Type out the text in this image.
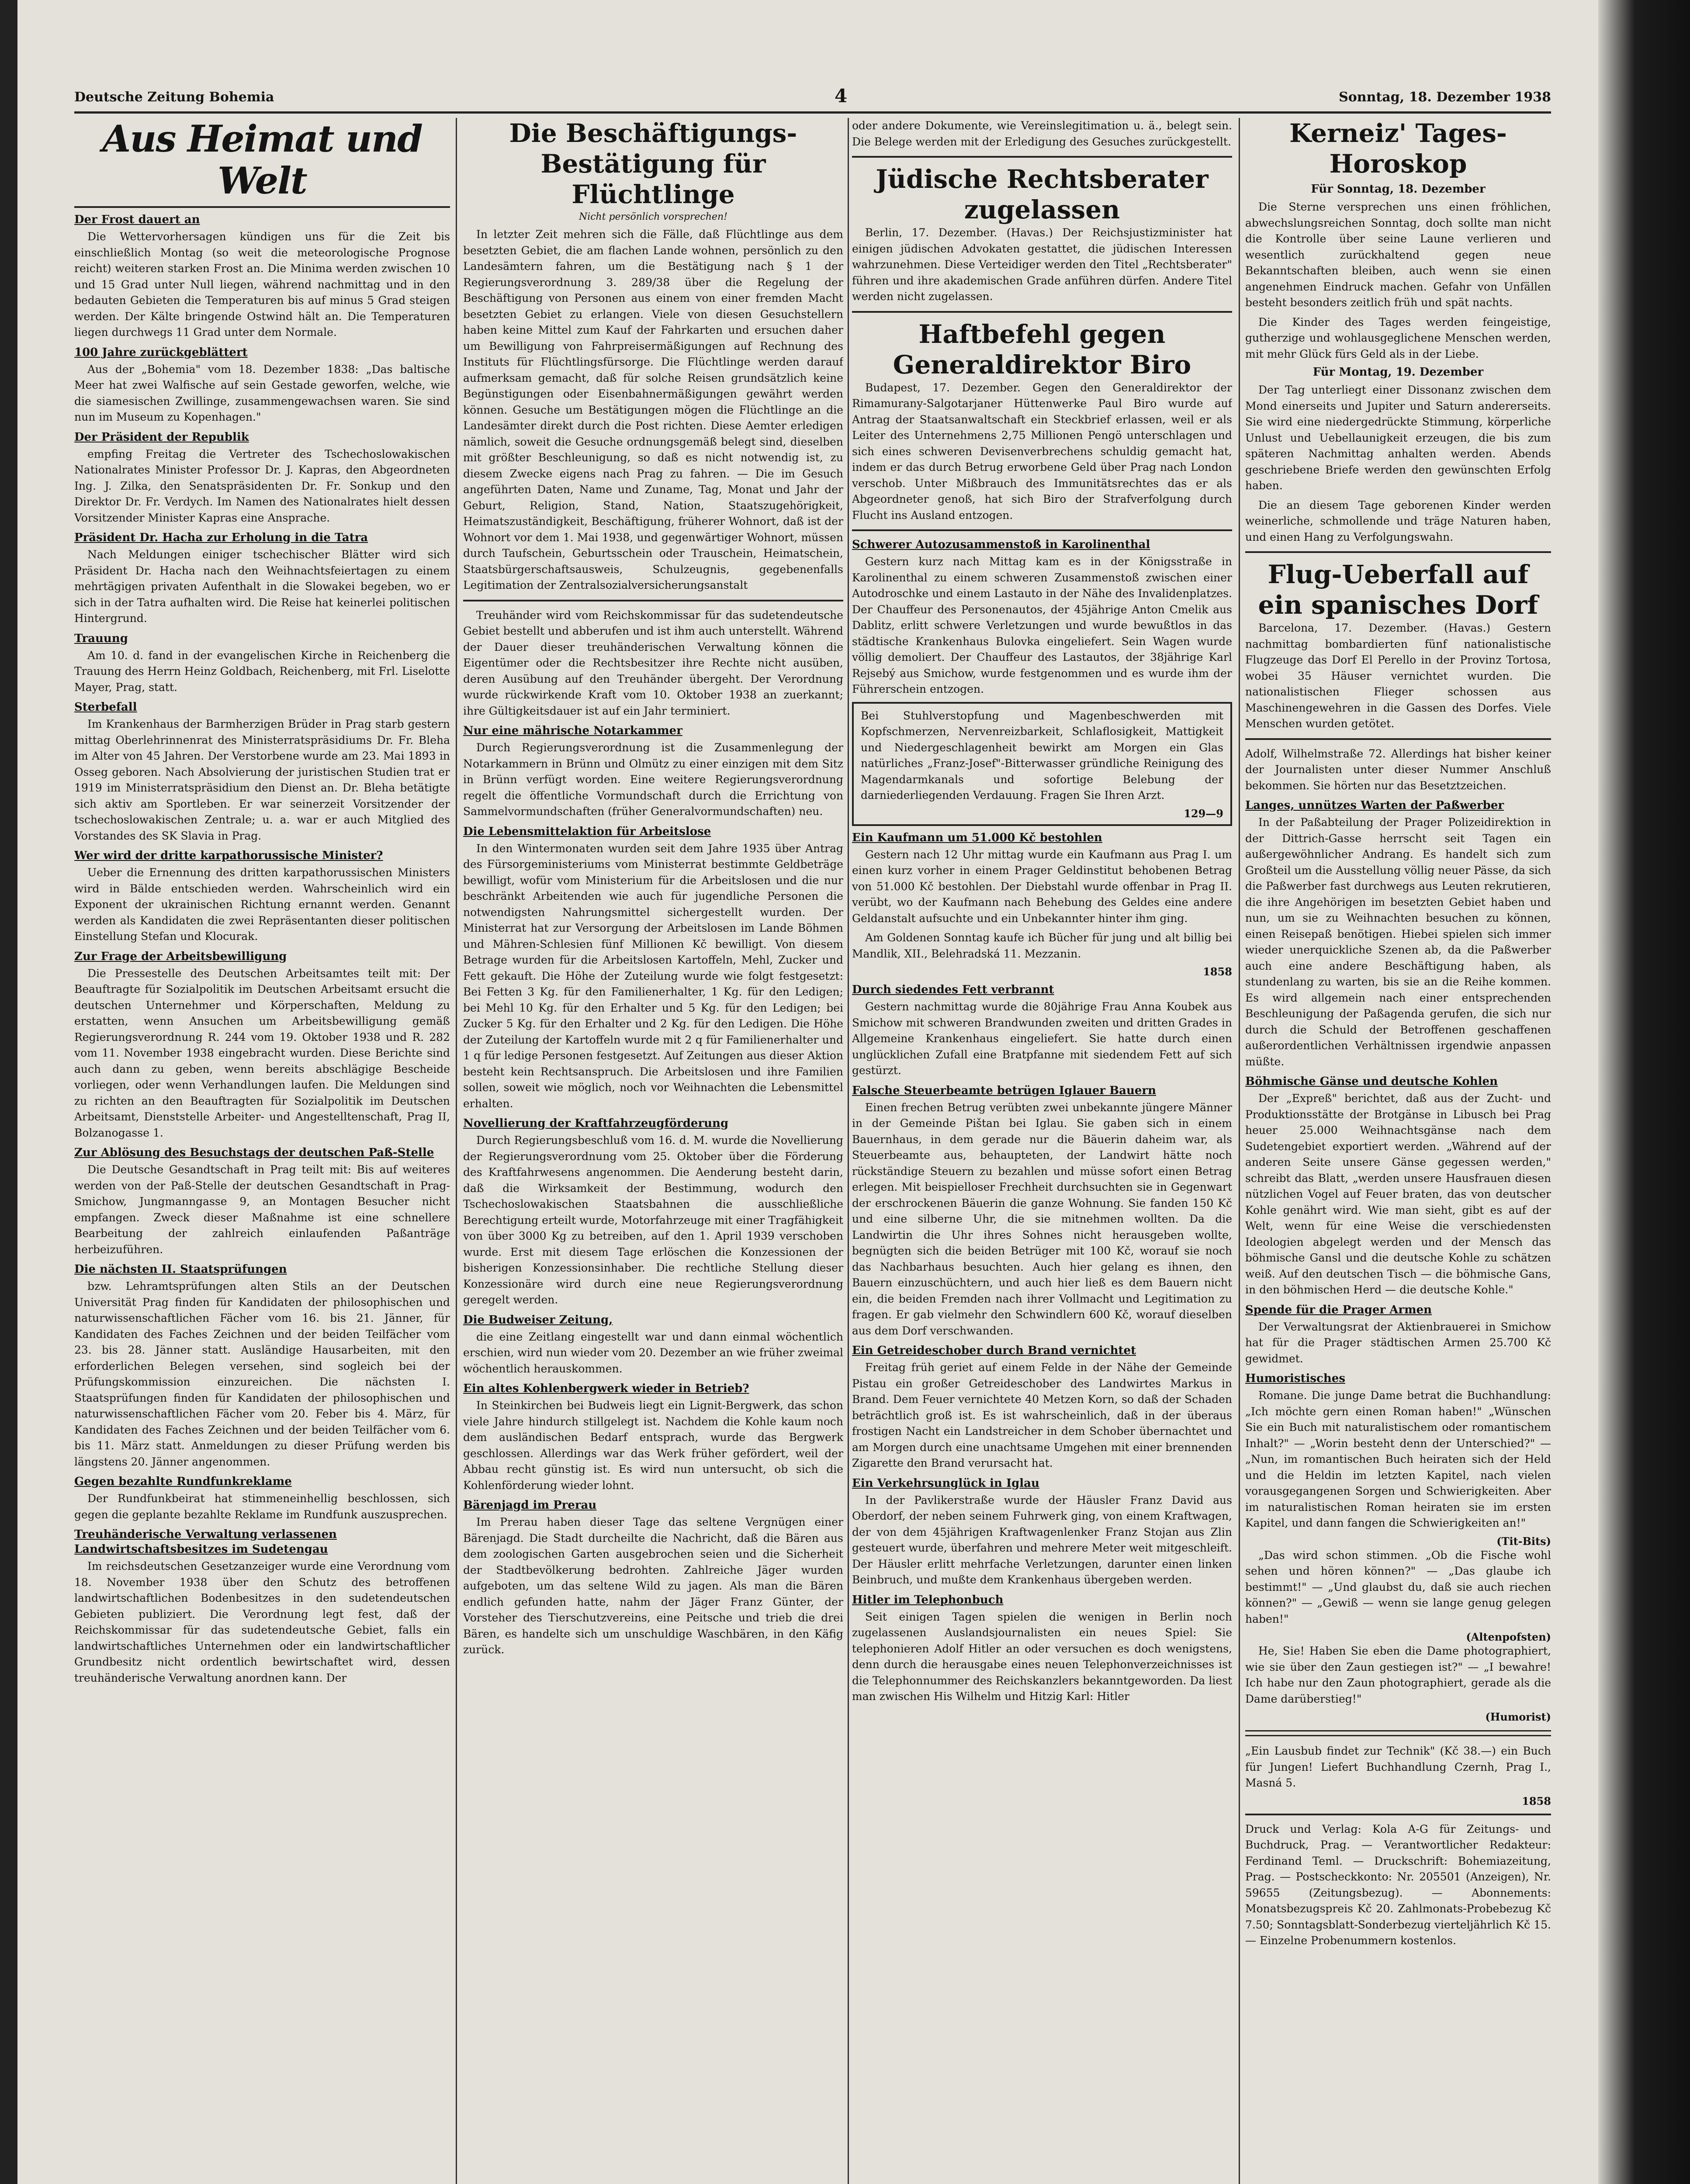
Deutsche Zeitung Bohemia	4	Sonntag, 18. Dezember 1938
Aus Heimat und Welt
Der Frost dauert an

Die Wettervorhersagen kündigen uns für die Zeit bis einschließlich Montag (so weit die meteorologische Prognose reicht) weiteren starken Frost an. Die Minima werden zwischen 10 und 15 Grad unter Null liegen, während nachmittag und in den bedauten Gebieten die Temperaturen bis auf minus 5 Grad steigen werden. Der Kälte bringende Ostwind hält an. Die Temperaturen liegen durchwegs 11 Grad unter dem Normale.

100 Jahre zurückgeblättert

Aus der „Bohemia" vom 18. Dezember 1838: „Das baltische Meer hat zwei Walfische auf sein Gestade geworfen, welche, wie die siamesischen Zwillinge, zusammengewachsen waren. Sie sind nun im Museum zu Kopenhagen."

Der Präsident der Republik

empfing Freitag die Vertreter des Tschechoslowakischen Nationalrates Minister Professor Dr. J. Kapras, den Abgeordneten Ing. J. Zilka, den Senatspräsidenten Dr. Fr. Sonkup und den Direktor Dr. Fr. Verdych. Im Namen des Nationalrates hielt dessen Vorsitzender Minister Kapras eine Ansprache.

Präsident Dr. Hacha zur Erholung in die Tatra

Nach Meldungen einiger tschechischer Blätter wird sich Präsident Dr. Hacha nach den Weihnachtsfeiertagen zu einem mehrtägigen privaten Aufenthalt in die Slowakei begeben, wo er sich in der Tatra aufhalten wird. Die Reise hat keinerlei politischen Hintergrund.

Trauung

Am 10. d. fand in der evangelischen Kirche in Reichenberg die Trauung des Herrn Heinz Goldbach, Reichenberg, mit Frl. Liselotte Mayer, Prag, statt.

Sterbefall

Im Krankenhaus der Barmherzigen Brüder in Prag starb gestern mittag Oberlehrinnenrat des Ministerratspräsidiums Dr. Fr. Bleha im Alter von 45 Jahren. Der Verstorbene wurde am 23. Mai 1893 in Osseg geboren. Nach Absolvierung der juristischen Studien trat er 1919 im Ministerratspräsidium den Dienst an. Dr. Bleha betätigte sich aktiv am Sportleben. Er war seinerzeit Vorsitzender der tschechoslowakischen Zentrale; u. a. war er auch Mitglied des Vorstandes des SK Slavia in Prag.

Wer wird der dritte karpathorussische Minister?

Ueber die Ernennung des dritten karpathorussischen Ministers wird in Bälde entschieden werden. Wahrscheinlich wird ein Exponent der ukrainischen Richtung ernannt werden. Genannt werden als Kandidaten die zwei Repräsentanten dieser politischen Einstellung Stefan und Klocurak.

Zur Frage der Arbeitsbewilligung

Die Pressestelle des Deutschen Arbeitsamtes teilt mit: Der Beauftragte für Sozialpolitik im Deutschen Arbeitsamt ersucht die deutschen Unternehmer und Körperschaften, Meldung zu erstatten, wenn Ansuchen um Arbeitsbewilligung gemäß Regierungsverordnung R. 244 vom 19. Oktober 1938 und R. 282 vom 11. November 1938 eingebracht wurden. Diese Berichte sind auch dann zu geben, wenn bereits abschlägige Bescheide vorliegen, oder wenn Verhandlungen laufen. Die Meldungen sind zu richten an den Beauftragten für Sozialpolitik im Deutschen Arbeitsamt, Dienststelle Arbeiter- und Angestelltenschaft, Prag II, Bolzanogasse 1.

Zur Ablösung des Besuchstags der deutschen Paß-Stelle

Die Deutsche Gesandtschaft in Prag teilt mit: Bis auf weiteres werden von der Paß-Stelle der deutschen Gesandtschaft in Prag-Smichow, Jungmanngasse 9, an Montagen Besucher nicht empfangen. Zweck dieser Maßnahme ist eine schnellere Bearbeitung der zahlreich einlaufenden Paßanträge herbeizuführen.

Die nächsten II. Staatsprüfungen

bzw. Lehramtsprüfungen alten Stils an der Deutschen Universität Prag finden für Kandidaten der philosophischen und naturwissenschaftlichen Fächer vom 16. bis 21. Jänner, für Kandidaten des Faches Zeichnen und der beiden Teilfächer vom 23. bis 28. Jänner statt. Ausländige Hausarbeiten, mit den erforderlichen Belegen versehen, sind sogleich bei der Prüfungskommission einzureichen. Die nächsten I. Staatsprüfungen finden für Kandidaten der philosophischen und naturwissenschaftlichen Fächer vom 20. Feber bis 4. März, für Kandidaten des Faches Zeichnen und der beiden Teilfächer vom 6. bis 11. März statt. Anmeldungen zu dieser Prüfung werden bis längstens 20. Jänner angenommen.

Gegen bezahlte Rundfunkreklame

Der Rundfunkbeirat hat stimmeneinhellig beschlossen, sich gegen die geplante bezahlte Reklame im Rundfunk auszusprechen.

Treuhänderische Verwaltung verlassenen Landwirtschaftsbesitzes im Sudetengau

Im reichsdeutschen Gesetzanzeiger wurde eine Verordnung vom 18. November 1938 über den Schutz des betroffenen landwirtschaftlichen Bodenbesitzes in den sudetendeutschen Gebieten publiziert. Die Verordnung legt fest, daß der Reichskommissar für das sudetendeutsche Gebiet, falls ein landwirtschaftliches Unternehmen oder ein landwirtschaftlicher Grundbesitz nicht ordentlich bewirtschaftet wird, dessen treuhänderische Verwaltung anordnen kann. Der

Die Beschäftigungs-Bestätigung für Flüchtlinge
Nicht persönlich vorsprechen!

In letzter Zeit mehren sich die Fälle, daß Flüchtlinge aus dem besetzten Gebiet, die am flachen Lande wohnen, persönlich zu den Landesämtern fahren, um die Bestätigung nach § 1 der Regierungsverordnung 3. 289/38 über die Regelung der Beschäftigung von Personen aus einem von einer fremden Macht besetzten Gebiet zu erlangen. Viele von diesen Gesuchstellern haben keine Mittel zum Kauf der Fahrkarten und ersuchen daher um Bewilligung von Fahrpreisermäßigungen auf Rechnung des Instituts für Flüchtlingsfürsorge. Die Flüchtlinge werden darauf aufmerksam gemacht, daß für solche Reisen grundsätzlich keine Begünstigungen oder Eisenbahnermäßigungen gewährt werden können. Gesuche um Bestätigungen mögen die Flüchtlinge an die Landesämter direkt durch die Post richten. Diese Aemter erledigen nämlich, soweit die Gesuche ordnungsgemäß belegt sind, dieselben mit größter Beschleunigung, so daß es nicht notwendig ist, zu diesem Zwecke eigens nach Prag zu fahren. — Die im Gesuch angeführten Daten, Name und Zuname, Tag, Monat und Jahr der Geburt, Religion, Stand, Nation, Staatszugehörigkeit, Heimatszuständigkeit, Beschäftigung, früherer Wohnort, daß ist der Wohnort vor dem 1. Mai 1938, und gegenwärtiger Wohnort, müssen durch Taufschein, Geburtsschein oder Trauschein, Heimatschein, Staatsbürgerschaftsausweis, Schulzeugnis, gegebenenfalls Legitimation der Zentralsozialversicherungsanstalt

Treuhänder wird vom Reichskommissar für das sudetendeutsche Gebiet bestellt und abberufen und ist ihm auch unterstellt. Während der Dauer dieser treuhänderischen Verwaltung können die Eigentümer oder die Rechtsbesitzer ihre Rechte nicht ausüben, deren Ausübung auf den Treuhänder übergeht. Der Verordnung wurde rückwirkende Kraft vom 10. Oktober 1938 an zuerkannt; ihre Gültigkeitsdauer ist auf ein Jahr terminiert.

Nur eine mährische Notarkammer

Durch Regierungsverordnung ist die Zusammenlegung der Notarkammern in Brünn und Olmütz zu einer einzigen mit dem Sitz in Brünn verfügt worden. Eine weitere Regierungsverordnung regelt die öffentliche Vormundschaft durch die Errichtung von Sammelvormundschaften (früher Generalvormundschaften) neu.

Die Lebensmittelaktion für Arbeitslose

In den Wintermonaten wurden seit dem Jahre 1935 über Antrag des Fürsorgeministeriums vom Ministerrat bestimmte Geldbeträge bewilligt, wofür vom Ministerium für die Arbeitslosen und die nur beschränkt Arbeitenden wie auch für jugendliche Personen die notwendigsten Nahrungsmittel sichergestellt wurden. Der Ministerrat hat zur Versorgung der Arbeitslosen im Lande Böhmen und Mähren-Schlesien fünf Millionen Kč bewilligt. Von diesem Betrage wurden für die Arbeitslosen Kartoffeln, Mehl, Zucker und Fett gekauft. Die Höhe der Zuteilung wurde wie folgt festgesetzt: Bei Fetten 3 Kg. für den Familienerhalter, 1 Kg. für den Ledigen; bei Mehl 10 Kg. für den Erhalter und 5 Kg. für den Ledigen; bei Zucker 5 Kg. für den Erhalter und 2 Kg. für den Ledigen. Die Höhe der Zuteilung der Kartoffeln wurde mit 2 q für Familienerhalter und 1 q für ledige Personen festgesetzt. Auf Zeitungen aus dieser Aktion besteht kein Rechtsanspruch. Die Arbeitslosen und ihre Familien sollen, soweit wie möglich, noch vor Weihnachten die Lebensmittel erhalten.

Novellierung der Kraftfahrzeugförderung

Durch Regierungsbeschluß vom 16. d. M. wurde die Novellierung der Regierungsverordnung vom 25. Oktober über die Förderung des Kraftfahrwesens angenommen. Die Aenderung besteht darin, daß die Wirksamkeit der Bestimmung, wodurch den Tschechoslowakischen Staatsbahnen die ausschließliche Berechtigung erteilt wurde, Motorfahrzeuge mit einer Tragfähigkeit von über 3000 Kg zu betreiben, auf den 1. April 1939 verschoben wurde. Erst mit diesem Tage erlöschen die Konzessionen der bisherigen Konzessionsinhaber. Die rechtliche Stellung dieser Konzessionäre wird durch eine neue Regierungsverordnung geregelt werden.

Die Budweiser Zeitung,

die eine Zeitlang eingestellt war und dann einmal wöchentlich erschien, wird nun wieder vom 20. Dezember an wie früher zweimal wöchentlich herauskommen.

Ein altes Kohlenbergwerk wieder in Betrieb?

In Steinkirchen bei Budweis liegt ein Lignit-Bergwerk, das schon viele Jahre hindurch stillgelegt ist. Nachdem die Kohle kaum noch dem ausländischen Bedarf entsprach, wurde das Bergwerk geschlossen. Allerdings war das Werk früher gefördert, weil der Abbau recht günstig ist. Es wird nun untersucht, ob sich die Kohlenförderung wieder lohnt.

Bärenjagd im Prerau

Im Prerau haben dieser Tage das seltene Vergnügen einer Bärenjagd. Die Stadt durcheilte die Nachricht, daß die Bären aus dem zoologischen Garten ausgebrochen seien und die Sicherheit der Stadtbevölkerung bedrohten. Zahlreiche Jäger wurden aufgeboten, um das seltene Wild zu jagen. Als man die Bären endlich gefunden hatte, nahm der Jäger Franz Günter, der Vorsteher des Tierschutzvereins, eine Peitsche und trieb die drei Bären, es handelte sich um unschuldige Waschbären, in den Käfig zurück.

oder andere Dokumente, wie Vereinslegitimation u. ä., belegt sein. Die Belege werden mit der Erledigung des Gesuches zurückgestellt.

Jüdische Rechtsberater zugelassen

Berlin, 17. Dezember. (Havas.) Der Reichsjustizminister hat einigen jüdischen Advokaten gestattet, die jüdischen Interessen wahrzunehmen. Diese Verteidiger werden den Titel „Rechtsberater" führen und ihre akademischen Grade anführen dürfen. Andere Titel werden nicht zugelassen.

Haftbefehl gegen Generaldirektor Biro

Budapest, 17. Dezember. Gegen den Generaldirektor der Rimamurany-Salgotarjaner Hüttenwerke Paul Biro wurde auf Antrag der Staatsanwaltschaft ein Steckbrief erlassen, weil er als Leiter des Unternehmens 2,75 Millionen Pengö unterschlagen und sich eines schweren Devisenverbrechens schuldig gemacht hat, indem er das durch Betrug erworbene Geld über Prag nach London verschob. Unter Mißbrauch des Immunitätsrechtes das er als Abgeordneter genoß, hat sich Biro der Strafverfolgung durch Flucht ins Ausland entzogen.

Schwerer Autozusammenstoß in Karolinenthal

Gestern kurz nach Mittag kam es in der Königsstraße in Karolinenthal zu einem schweren Zusammenstoß zwischen einer Autodroschke und einem Lastauto in der Nähe des Invalidenplatzes. Der Chauffeur des Personenautos, der 45jährige Anton Cmelik aus Dablitz, erlitt schwere Verletzungen und wurde bewußtlos in das städtische Krankenhaus Bulovka eingeliefert. Sein Wagen wurde völlig demoliert. Der Chauffeur des Lastautos, der 38jährige Karl Rejsebý aus Smichow, wurde festgenommen und es wurde ihm der Führerschein entzogen.

Bei Stuhlverstopfung und Magenbeschwerden mit Kopfschmerzen, Nervenreizbarkeit, Schlaflosigkeit, Mattigkeit und Niedergeschlagenheit bewirkt am Morgen ein Glas natürliches „Franz-Josef"-Bitterwasser gründliche Reinigung des Magendarmkanals und sofortige Belebung der darniederliegenden Verdauung. Fragen Sie Ihren Arzt.

129—9
Ein Kaufmann um 51.000 Kč bestohlen

Gestern nach 12 Uhr mittag wurde ein Kaufmann aus Prag I. um einen kurz vorher in einem Prager Geldinstitut behobenen Betrag von 51.000 Kč bestohlen. Der Diebstahl wurde offenbar in Prag II. verübt, wo der Kaufmann nach Behebung des Geldes eine andere Geldanstalt aufsuchte und ein Unbekannter hinter ihm ging.

Am Goldenen Sonntag kaufe ich Bücher für jung und alt billig bei Mandlik, XII., Belehradská 11. Mezzanin.

1858
Durch siedendes Fett verbrannt

Gestern nachmittag wurde die 80jährige Frau Anna Koubek aus Smichow mit schweren Brandwunden zweiten und dritten Grades in Allgemeine Krankenhaus eingeliefert. Sie hatte durch einen unglücklichen Zufall eine Bratpfanne mit siedendem Fett auf sich gestürzt.

Falsche Steuerbeamte betrügen Iglauer Bauern

Einen frechen Betrug verübten zwei unbekannte jüngere Männer in der Gemeinde Pištan bei Iglau. Sie gaben sich in einem Bauernhaus, in dem gerade nur die Bäuerin daheim war, als Steuerbeamte aus, behaupteten, der Landwirt hätte noch rückständige Steuern zu bezahlen und müsse sofort einen Betrag erlegen. Mit beispielloser Frechheit durchsuchten sie in Gegenwart der erschrockenen Bäuerin die ganze Wohnung. Sie fanden 150 Kč und eine silberne Uhr, die sie mitnehmen wollten. Da die Landwirtin die Uhr ihres Sohnes nicht herausgeben wollte, begnügten sich die beiden Betrüger mit 100 Kč, worauf sie noch das Nachbarhaus besuchten. Auch hier gelang es ihnen, den Bauern einzuschüchtern, und auch hier ließ es dem Bauern nicht ein, die beiden Fremden nach ihrer Vollmacht und Legitimation zu fragen. Er gab vielmehr den Schwindlern 600 Kč, worauf dieselben aus dem Dorf verschwanden.

Ein Getreideschober durch Brand vernichtet

Freitag früh geriet auf einem Felde in der Nähe der Gemeinde Pistau ein großer Getreideschober des Landwirtes Markus in Brand. Dem Feuer vernichtete 40 Metzen Korn, so daß der Schaden beträchtlich groß ist. Es ist wahrscheinlich, daß in der überaus frostigen Nacht ein Landstreicher in dem Schober übernachtet und am Morgen durch eine unachtsame Umgehen mit einer brennenden Zigarette den Brand verursacht hat.

Ein Verkehrsunglück in Iglau

In der Pavlikerstraße wurde der Häusler Franz David aus Oberdorf, der neben seinem Fuhrwerk ging, von einem Kraftwagen, der von dem 45jährigen Kraftwagenlenker Franz Stojan aus Zlin gesteuert wurde, überfahren und mehrere Meter weit mitgeschleift. Der Häusler erlitt mehrfache Verletzungen, darunter einen linken Beinbruch, und mußte dem Krankenhaus übergeben werden.

Hitler im Telephonbuch

Seit einigen Tagen spielen die wenigen in Berlin noch zugelassenen Auslandsjournalisten ein neues Spiel: Sie telephonieren Adolf Hitler an oder versuchen es doch wenigstens, denn durch die herausgabe eines neuen Telephonverzeichnisses ist die Telephonnummer des Reichskanzlers bekanntgeworden. Da liest man zwischen His Wilhelm und Hitzig Karl: Hitler

Kerneiz' Tages-Horoskop
Für Sonntag, 18. Dezember

Die Sterne versprechen uns einen fröhlichen, abwechslungsreichen Sonntag, doch sollte man nicht die Kontrolle über seine Laune verlieren und wesentlich zurückhaltend gegen neue Bekanntschaften bleiben, auch wenn sie einen angenehmen Eindruck machen. Gefahr von Unfällen besteht besonders zeitlich früh und spät nachts.

Die Kinder des Tages werden feingeistige, gutherzige und wohlausgeglichene Menschen werden, mit mehr Glück fürs Geld als in der Liebe.

Für Montag, 19. Dezember

Der Tag unterliegt einer Dissonanz zwischen dem Mond einerseits und Jupiter und Saturn andererseits. Sie wird eine niedergedrückte Stimmung, körperliche Unlust und Uebellaunigkeit erzeugen, die bis zum späteren Nachmittag anhalten werden. Abends geschriebene Briefe werden den gewünschten Erfolg haben.

Die an diesem Tage geborenen Kinder werden weinerliche, schmollende und träge Naturen haben, und einen Hang zu Verfolgungswahn.

Flug-Ueberfall auf ein spanisches Dorf

Barcelona, 17. Dezember. (Havas.) Gestern nachmittag bombardierten fünf nationalistische Flugzeuge das Dorf El Perello in der Provinz Tortosa, wobei 35 Häuser vernichtet wurden. Die nationalistischen Flieger schossen aus Maschinengewehren in die Gassen des Dorfes. Viele Menschen wurden getötet.

Adolf, Wilhelmstraße 72. Allerdings hat bisher keiner der Journalisten unter dieser Nummer Anschluß bekommen. Sie hörten nur das Besetztzeichen.

Langes, unnützes Warten der Paßwerber

In der Paßabteilung der Prager Polizeidirektion in der Dittrich-Gasse herrscht seit Tagen ein außergewöhnlicher Andrang. Es handelt sich zum Großteil um die Ausstellung völlig neuer Pässe, da sich die Paßwerber fast durchwegs aus Leuten rekrutieren, die ihre Angehörigen im besetzten Gebiet haben und nun, um sie zu Weihnachten besuchen zu können, einen Reisepaß benötigen. Hiebei spielen sich immer wieder unerquickliche Szenen ab, da die Paßwerber auch eine andere Beschäftigung haben, als stundenlang zu warten, bis sie an die Reihe kommen. Es wird allgemein nach einer entsprechenden Beschleunigung der Paßagenda gerufen, die sich nur durch die Schuld der Betroffenen geschaffenen außerordentlichen Verhältnissen irgendwie anpassen müßte.

Böhmische Gänse und deutsche Kohlen

Der „Expreß" berichtet, daß aus der Zucht- und Produktionsstätte der Brotgänse in Libusch bei Prag heuer 25.000 Weihnachtsgänse nach dem Sudetengebiet exportiert werden. „Während auf der anderen Seite unsere Gänse gegessen werden," schreibt das Blatt, „werden unsere Hausfrauen diesen nützlichen Vogel auf Feuer braten, das von deutscher Kohle genährt wird. Wie man sieht, gibt es auf der Welt, wenn für eine Weise die verschiedensten Ideologien abgelegt werden und der Mensch das böhmische Gansl und die deutsche Kohle zu schätzen weiß. Auf den deutschen Tisch — die böhmische Gans, in den böhmischen Herd — die deutsche Kohle."

Spende für die Prager Armen

Der Verwaltungsrat der Aktienbrauerei in Smichow hat für die Prager städtischen Armen 25.700 Kč gewidmet.

Humoristisches

Romane. Die junge Dame betrat die Buchhandlung: „Ich möchte gern einen Roman haben!" „Wünschen Sie ein Buch mit naturalistischem oder romantischem Inhalt?" — „Worin besteht denn der Unterschied?" — „Nun, im romantischen Buch heiraten sich der Held und die Heldin im letzten Kapitel, nach vielen vorausgegangenen Sorgen und Schwierigkeiten. Aber im naturalistischen Roman heiraten sie im ersten Kapitel, und dann fangen die Schwierigkeiten an!"

(Tit-Bits)

„Das wird schon stimmen. „Ob die Fische wohl sehen und hören können?" — „Das glaube ich bestimmt!" — „Und glaubst du, daß sie auch riechen können?" — „Gewiß — wenn sie lange genug gelegen haben!"

(Altenpofsten)

He, Sie! Haben Sie eben die Dame photographiert, wie sie über den Zaun gestiegen ist?" — „I bewahre! Ich habe nur den Zaun photographiert, gerade als die Dame darüberstieg!"

(Humorist)

„Ein Lausbub findet zur Technik" (Kč 38.—) ein Buch für Jungen! Liefert Buchhandlung Czernh, Prag I., Masná 5.

1858

Druck und Verlag: Kola A-G für Zeitungs- und Buchdruck, Prag. — Verantwortlicher Redakteur: Ferdinand Teml. — Druckschrift: Bohemiazeitung, Prag. — Postscheckkonto: Nr. 205501 (Anzeigen), Nr. 59655 (Zeitungsbezug). — Abonnements: Monatsbezugspreis Kč 20. Zahlmonats-Probebezug Kč 7.50; Sonntagsblatt-Sonderbezug vierteljährlich Kč 15. — Einzelne Probenummern kostenlos.
